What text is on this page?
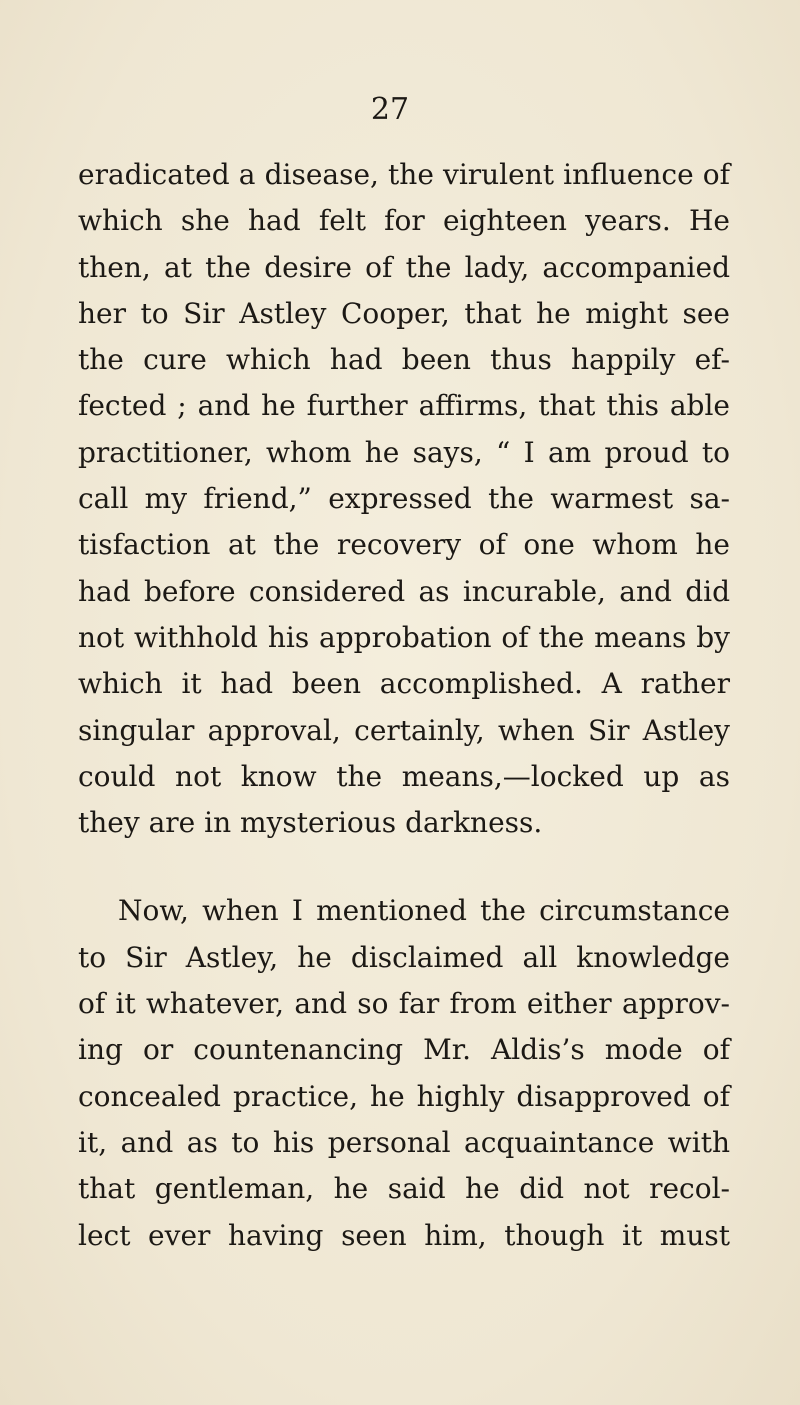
27
eradicated a disease, the virulent influence of
which she had felt for eighteen years. He
then, at the desire of the lady, accompanied
her to Sir Astley Cooper, that he might see
the cure which had been thus happily ef-
fected ; and he further affirms, that this able
practitioner, whom he says, “ I am proud to
call my friend,” expressed the warmest sa-
tisfaction at the recovery of one whom he
had before considered as incurable, and did
not withhold his approbation of the means by
which it had been accomplished. A rather
singular approval, certainly, when Sir Astley
could not know the means,—locked up as
they are in mysterious darkness.
Now, when I mentioned the circumstance
to Sir Astley, he disclaimed all knowledge
of it whatever, and so far from either approv-
ing or countenancing Mr. Aldis’s mode of
concealed practice, he highly disapproved of
it, and as to his personal acquaintance with
that gentleman, he said he did not recol-
lect ever having seen him, though it must
